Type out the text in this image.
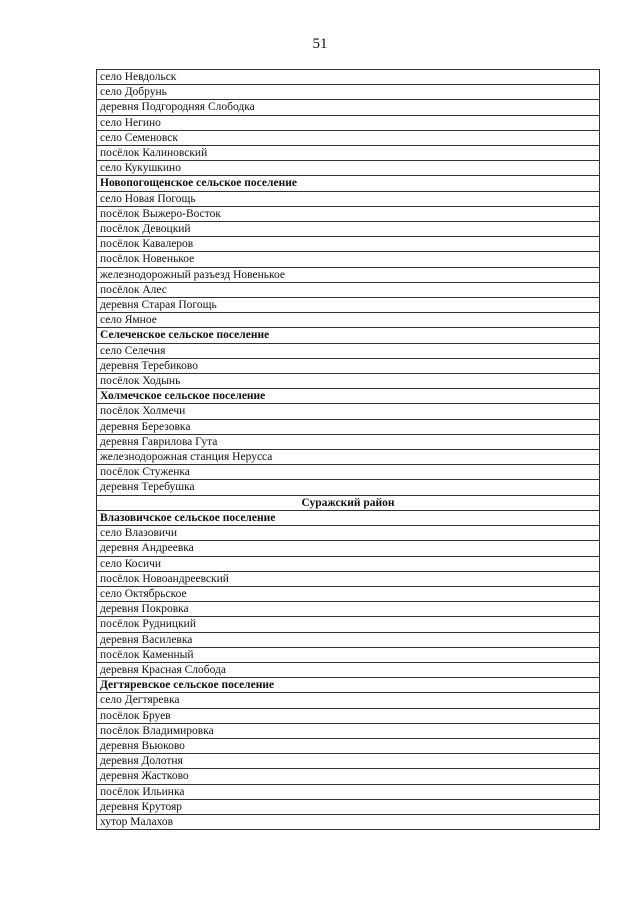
51
село Невдольск
село Добрунь
деревня Подгородняя Слободка
село Негино
село Семеновск
посёлок Калиновский
село Кукушкино
Новопогощенское сельское поселение
село Новая Погощь
посёлок Выжеро-Восток
посёлок Девоцкий
посёлок Кавалеров
посёлок Новенькое
железнодорожный разъезд Новенькое
посёлок Алес
деревня Старая Погощь
село Ямное
Селеченское сельское поселение
село Селечня
деревня Теребиково
посёлок Ходынь
Холмечское сельское поселение
посёлок Холмечи
деревня Березовка
деревня Гаврилова Гута
железнодорожная станция Нерусса
посёлок Стуженка
деревня Теребушка
Суражский район
Влазовичское сельское поселение
село Влазовичи
деревня Андреевка
село Косичи
посёлок Новоандреевский
село Октябрьское
деревня Покровка
посёлок Рудницкий
деревня Василевка
посёлок Каменный
деревня Красная Слобода
Дегтяревское сельское поселение
село Дегтяревка
посёлок Бруев
посёлок Владимировка
деревня Вьюково
деревня Долотня
деревня Жастково
посёлок Ильинка
деревня Крутояр
хутор Малахов
